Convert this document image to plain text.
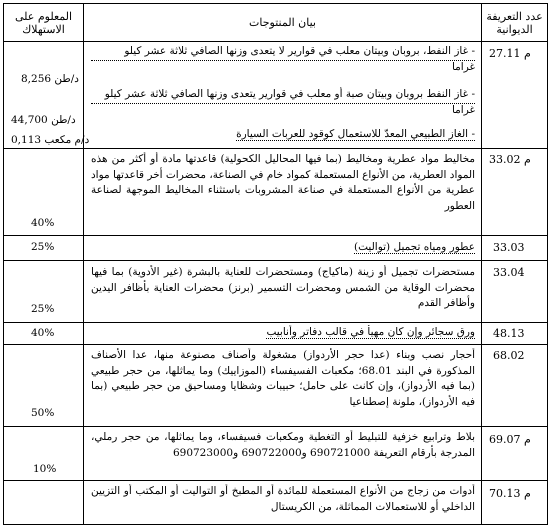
المعلوم على الاستهلاك	بيان المنتوجات	عدد التعريفة الديوانية
م 27.11
- غاز النفط، بروبان وبيتان معلب في قوارير لا يتعدى وزنها الصافي ثلاثة عشر كيلو
غراما
- غاز النفط بروبان وبيتان صبة أو معلب في قوارير يتعدى وزنها الصافي ثلاثة عشر كيلو
غراما
- الغاز الطبيعي المعدّ للاستعمال كوقود للعربات السيارة
8,256 د/طن
44,700 د/طن
0,113 د/م مكعب
م 33.02
مخاليط مواد عطرية ومخاليط (بما فيها المحاليل الكحولية) قاعدتها مادة أو أكثر من هذه المواد العطرية، من الأنواع المستعملة كمواد خام في الصناعة، محضرات أخر قاعدتها مواد عطرية من الأنواع المستعملة في صناعة المشروبات باستثناء المخاليط الموجهة لصناعة العطور
40%
33.03
عطور ومياه تجميل (تواليت)
25%
33.04
مستحضرات تجميل أو زينة (ماكياج) ومستحضرات للعناية بالبشرة (غير الأدوية) بما فيها محضرات الوقاية من الشمس ومحضرات التسمير (برنز) محضرات العناية بأظافر اليدين وأظافر القدم
25%
48.13
ورق سجائر وإن كان مهيأ في قالب دفاتر وأنابيب
40%
68.02
أحجار نصب وبناء (عدا حجر الأردواز) مشغولة وأصناف مصنوعة منها، عدا الأصناف المذكورة في البند 68.01؛ مكعبات الفسيفساء (الموزاييك) وما يماثلها، من حجر طبيعي (بما فيه الأردواز)، وإن كانت على حامل؛ حبيبات وشظايا ومساحيق من حجر طبيعي (بما فيه الأردواز)، ملونة إصطناعيا
50%
م 69.07
بلاط وترابيع خزفية للتبليط أو التغطية ومكعبات فسيفساء، وما يماثلها، من حجر رملي، المدرجة بأرقام التعريفة 690721000 و690722000 و690723000
10%
م 70.13
أدوات من زجاج من الأنواع المستعملة للمائدة أو المطبخ أو التواليت أو المكتب أو التزيين الداخلي أو للاستعمالات المماثلة، من الكريستال
